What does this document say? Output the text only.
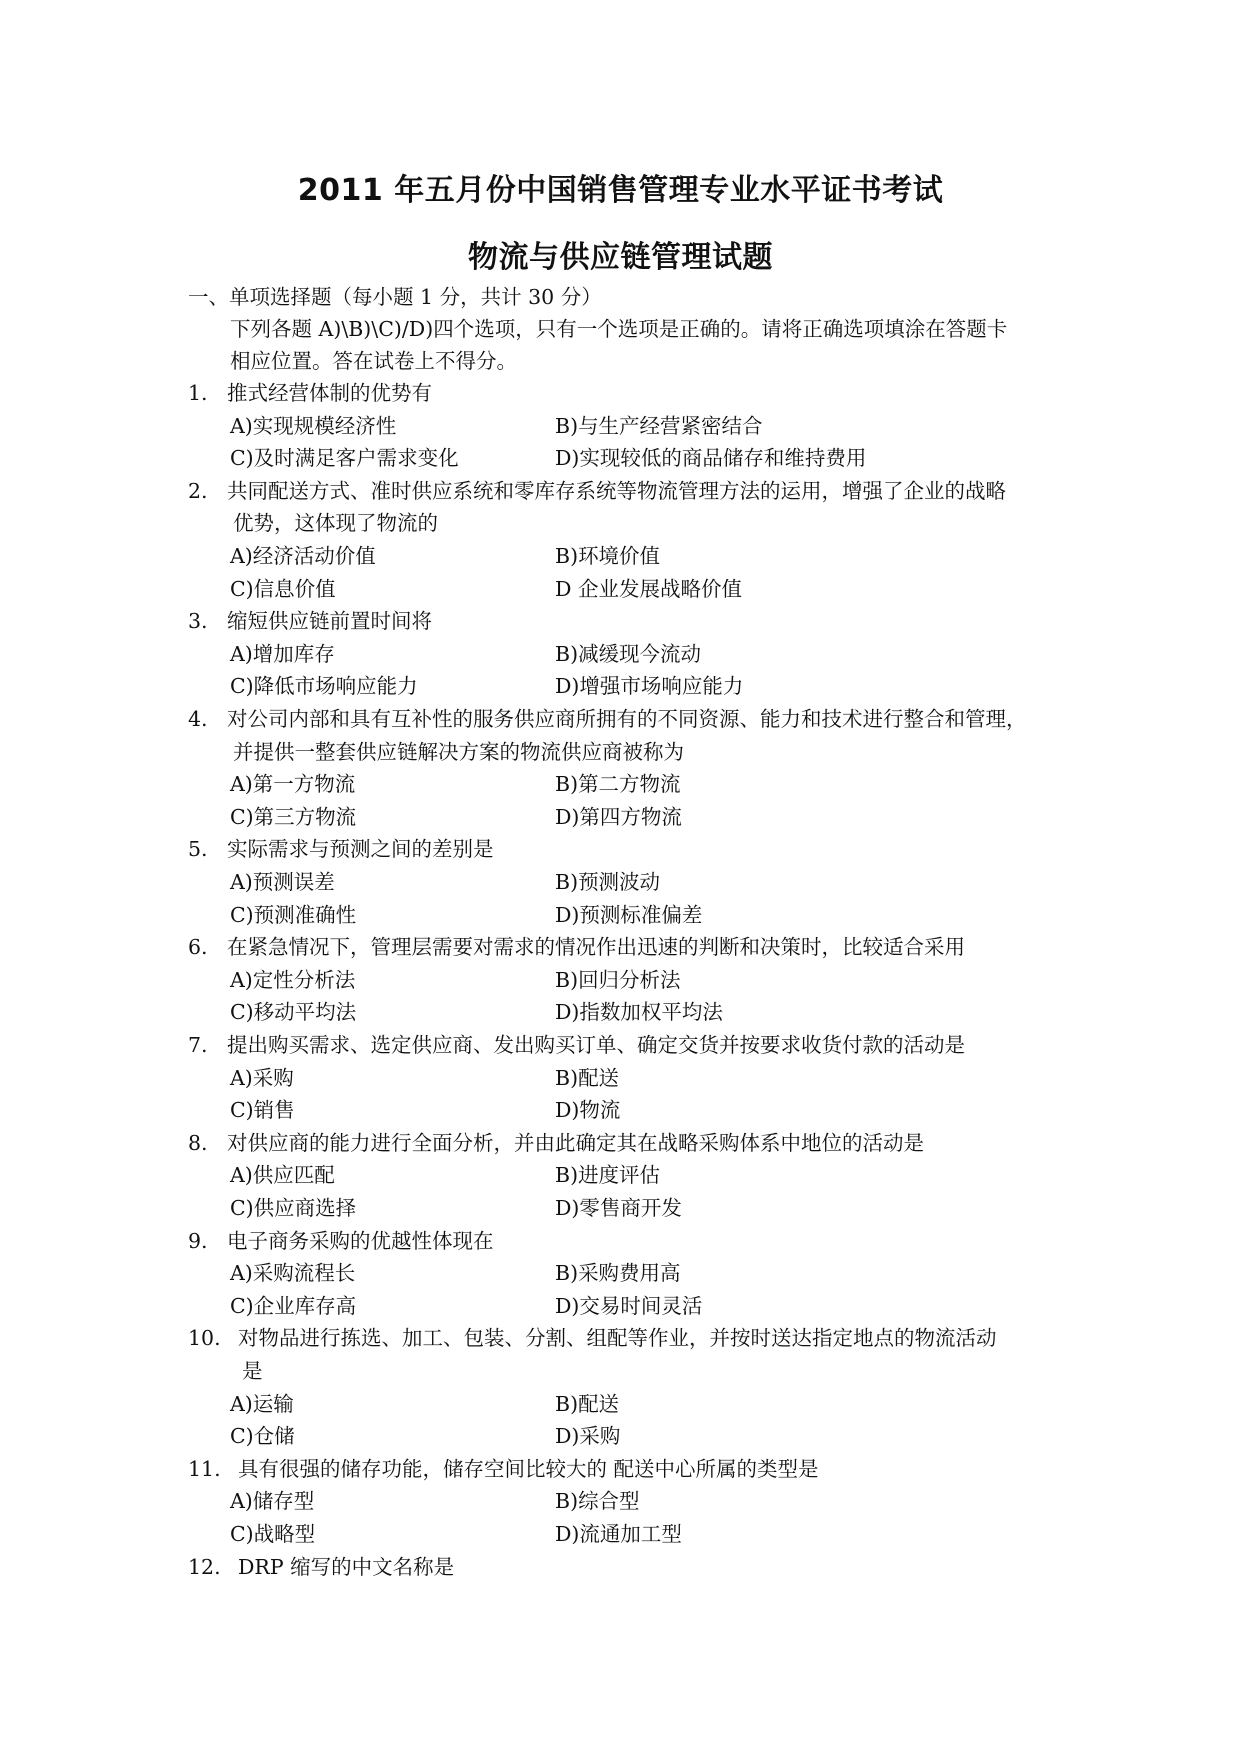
2011 年五月份中国销售管理专业水平证书考试
物流与供应链管理试题
一、单项选择题（每小题 1 分，共计 30 分）
下列各题 A)\B)\C)/D)四个选项，只有一个选项是正确的。请将正确选项填涂在答题卡
相应位置。答在试卷上不得分。
1. 推式经营体制的优势有
A)实现规模经济性	B)与生产经营紧密结合
C)及时满足客户需求变化	D)实现较低的商品储存和维持费用
2. 共同配送方式、准时供应系统和零库存系统等物流管理方法的运用，增强了企业的战略
优势，这体现了物流的
A)经济活动价值	B)环境价值
C)信息价值	D 企业发展战略价值
3. 缩短供应链前置时间将
A)增加库存	B)减缓现今流动
C)降低市场响应能力	D)增强市场响应能力
4. 对公司内部和具有互补性的服务供应商所拥有的不同资源、能力和技术进行整合和管理，
并提供一整套供应链解决方案的物流供应商被称为
A)第一方物流	B)第二方物流
C)第三方物流	D)第四方物流
5. 实际需求与预测之间的差别是
A)预测误差	B)预测波动
C)预测准确性	D)预测标准偏差
6. 在紧急情况下，管理层需要对需求的情况作出迅速的判断和决策时，比较适合采用
A)定性分析法	B)回归分析法
C)移动平均法	D)指数加权平均法
7. 提出购买需求、选定供应商、发出购买订单、确定交货并按要求收货付款的活动是
A)采购	B)配送
C)销售	D)物流
8. 对供应商的能力进行全面分析，并由此确定其在战略采购体系中地位的活动是
A)供应匹配	B)进度评估
C)供应商选择	D)零售商开发
9. 电子商务采购的优越性体现在
A)采购流程长	B)采购费用高
C)企业库存高	D)交易时间灵活
10. 对物品进行拣选、加工、包装、分割、组配等作业，并按时送达指定地点的物流活动
是
A)运输	B)配送
C)仓储	D)采购
11. 具有很强的储存功能，储存空间比较大的 配送中心所属的类型是
A)储存型	B)综合型
C)战略型	D)流通加工型
12. DRP 缩写的中文名称是
